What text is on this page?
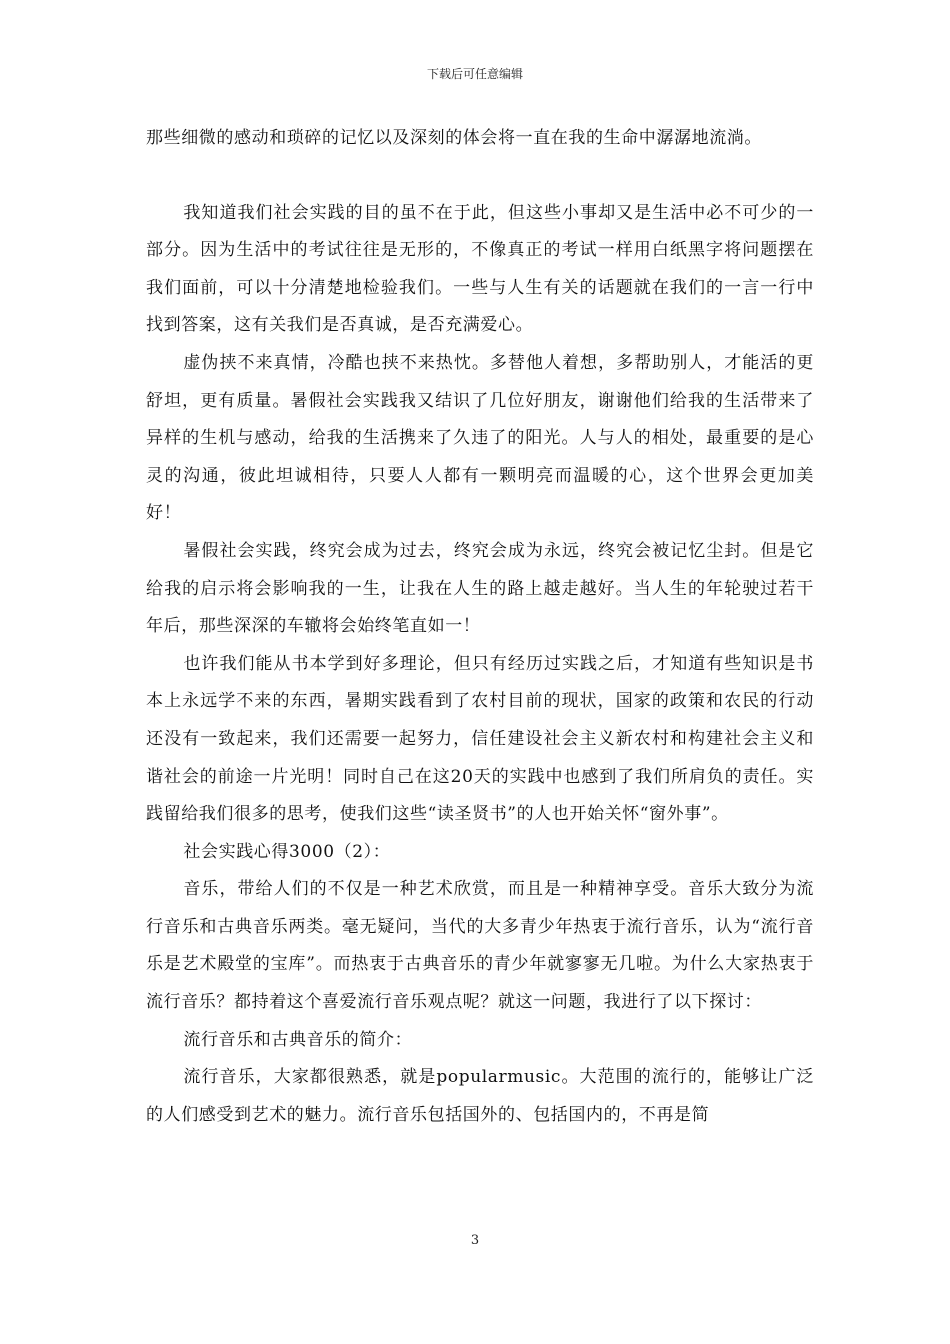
下载后可任意编辑

那些细微的感动和琐碎的记忆以及深刻的体会将一直在我的生命中潺潺地流淌。

我知道我们社会实践的目的虽不在于此，但这些小事却又是生活中必不可少的一部分。因为生活中的考试往往是无形的，不像真正的考试一样用白纸黑字将问题摆在我们面前，可以十分清楚地检验我们。一些与人生有关的话题就在我们的一言一行中找到答案，这有关我们是否真诚，是否充满爱心。

虚伪挟不来真情，冷酷也挟不来热忱。多替他人着想，多帮助别人，才能活的更舒坦，更有质量。暑假社会实践我又结识了几位好朋友，谢谢他们给我的生活带来了异样的生机与感动，给我的生活携来了久违了的阳光。人与人的相处，最重要的是心灵的沟通，彼此坦诚相待，只要人人都有一颗明亮而温暖的心，这个世界会更加美好！

暑假社会实践，终究会成为过去，终究会成为永远，终究会被记忆尘封。但是它给我的启示将会影响我的一生，让我在人生的路上越走越好。当人生的年轮驶过若干年后，那些深深的车辙将会始终笔直如一！

也许我们能从书本学到好多理论，但只有经历过实践之后，才知道有些知识是书本上永远学不来的东西，暑期实践看到了农村目前的现状，国家的政策和农民的行动还没有一致起来，我们还需要一起努力，信任建设社会主义新农村和构建社会主义和谐社会的前途一片光明！同时自己在这20天的实践中也感到了我们所肩负的责任。实践留给我们很多的思考，使我们这些“读圣贤书”的人也开始关怀“窗外事”。

社会实践心得3000（2）：

音乐，带给人们的不仅是一种艺术欣赏，而且是一种精神享受。音乐大致分为流行音乐和古典音乐两类。毫无疑问，当代的大多青少年热衷于流行音乐，认为“流行音乐是艺术殿堂的宝库”。而热衷于古典音乐的青少年就寥寥无几啦。为什么大家热衷于流行音乐？都持着这个喜爱流行音乐观点呢？就这一问题，我进行了以下探讨：

流行音乐和古典音乐的简介：

流行音乐，大家都很熟悉，就是popularmusic。大范围的流行的，能够让广泛的人们感受到艺术的魅力。流行音乐包括国外的、包括国内的，不再是简

3
